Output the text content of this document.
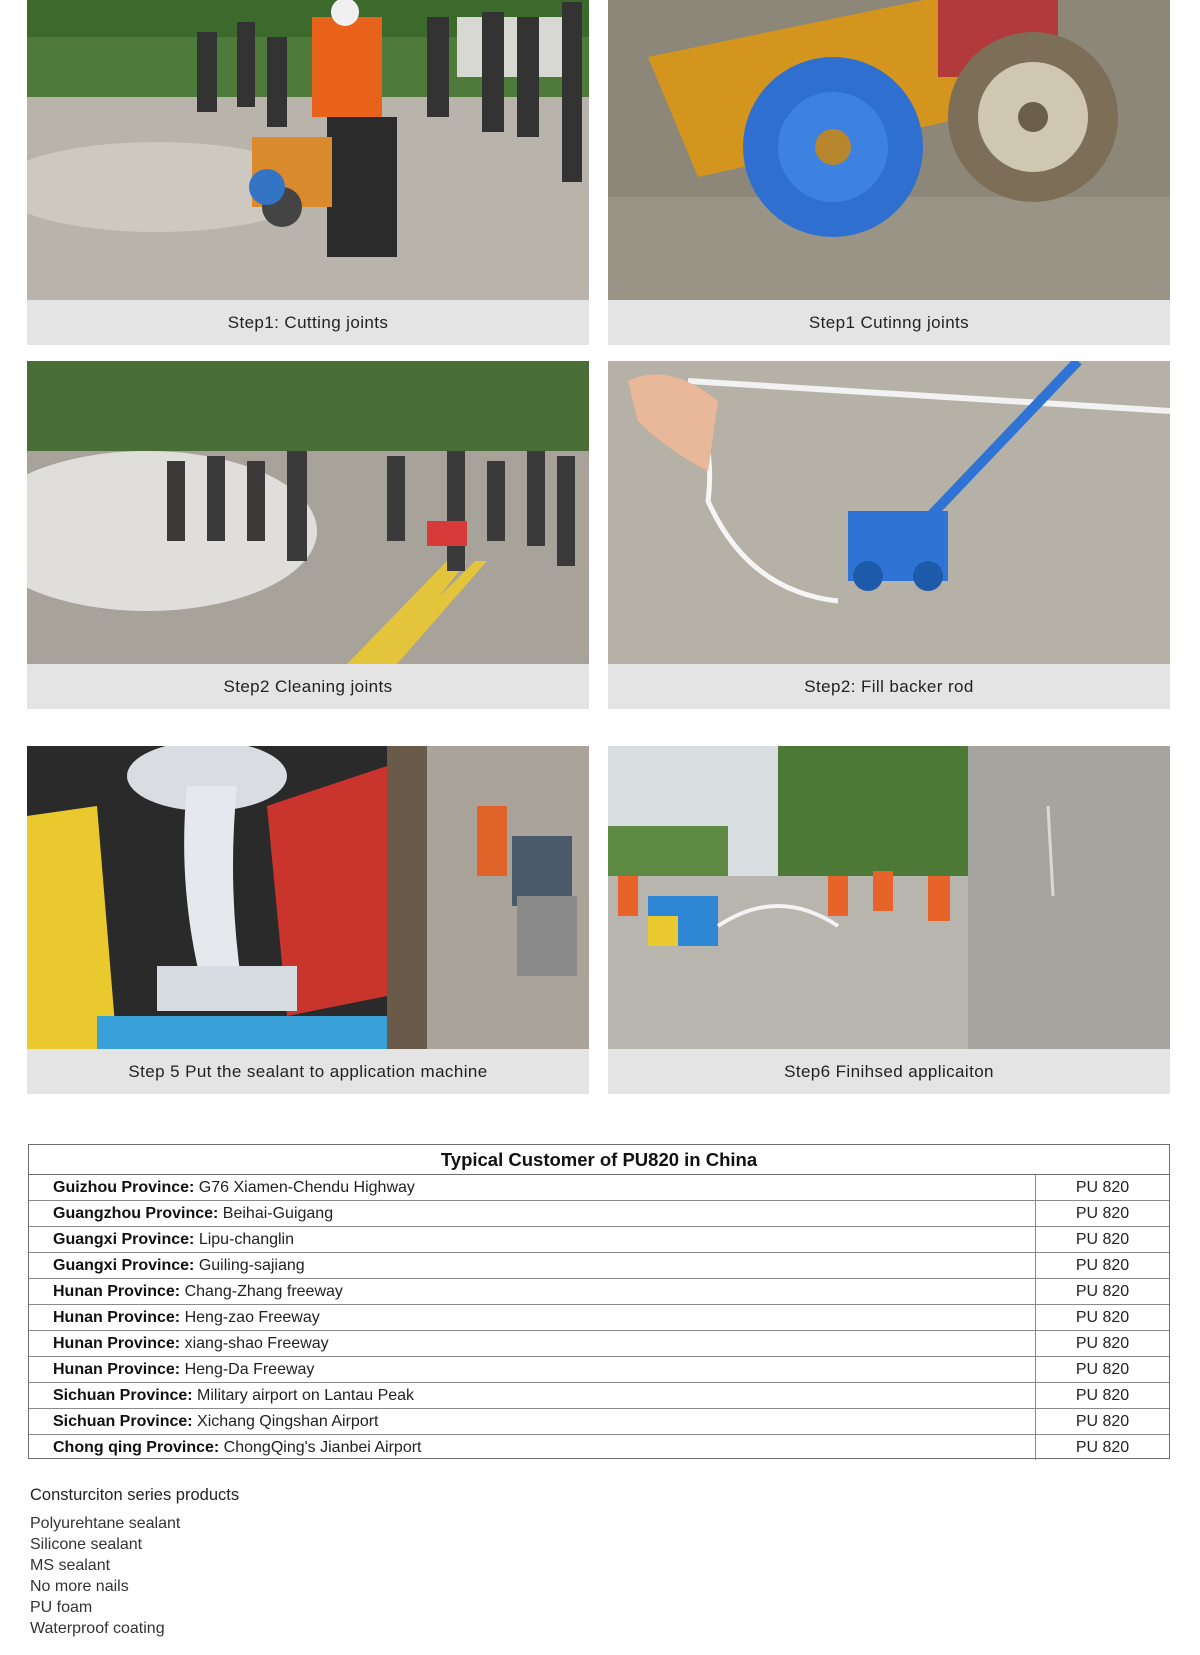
Step1: Cutting joints	Step1 Cutinng joints
Step2 Cleaning joints	Step2: Fill backer rod
Step 5 Put the sealant to application machine	Step6 Finihsed applicaiton
Typical Customer of PU820 in China
Guizhou Province: G76 Xiamen-Chendu Highway	PU 820
Guangzhou Province: Beihai-Guigang	PU 820
Guangxi Province: Lipu-changlin	PU 820
Guangxi Province: Guiling-sajiang	PU 820
Hunan Province: Chang-Zhang freeway	PU 820
Hunan Province: Heng-zao Freeway	PU 820
Hunan Province: xiang-shao Freeway	PU 820
Hunan Province: Heng-Da Freeway	PU 820
Sichuan Province: Military airport on Lantau Peak	PU 820
Sichuan Province: Xichang Qingshan Airport	PU 820
Chong qing Province: ChongQing's Jianbei Airport	PU 820
Consturciton series products
Polyurehtane sealant
Silicone sealant
MS sealant
No more nails
PU foam
Waterproof coating
